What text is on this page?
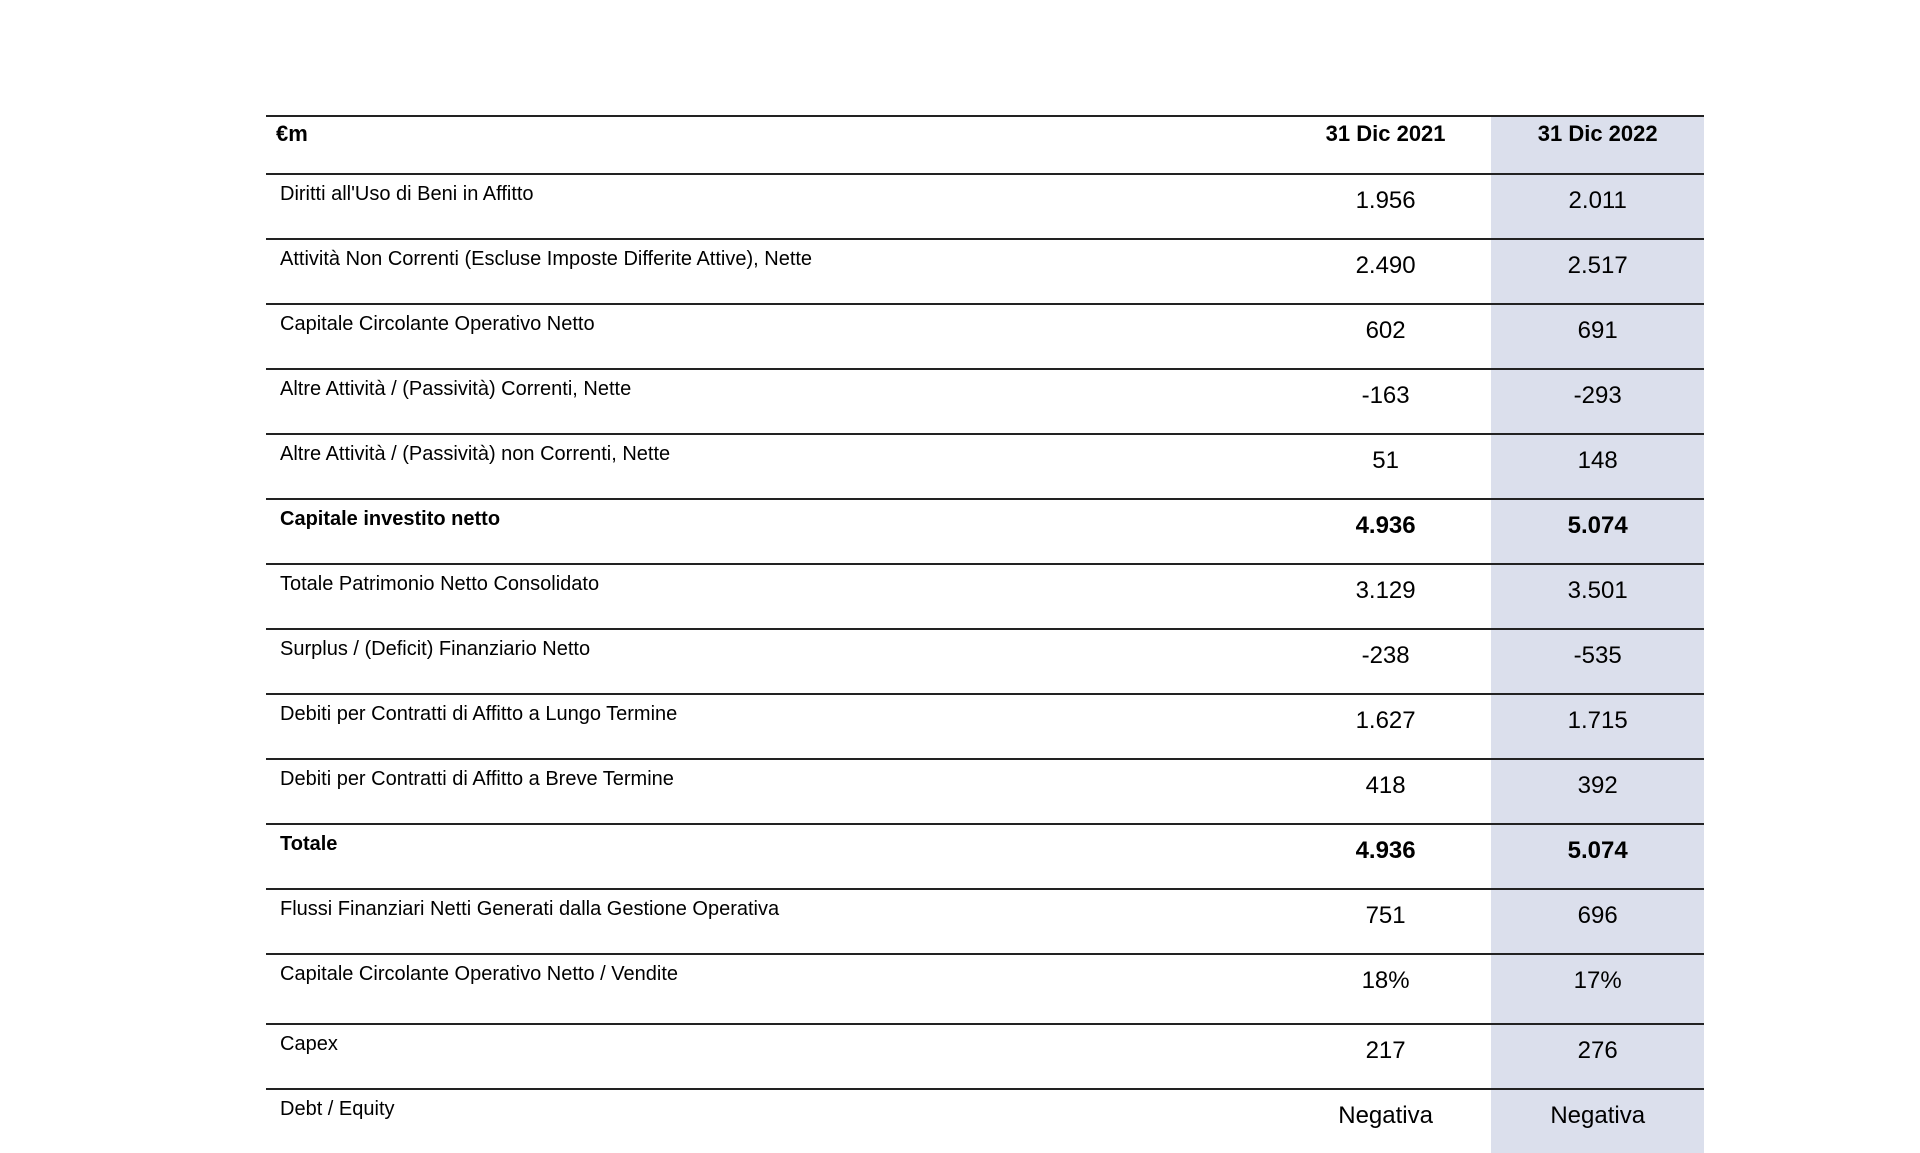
€m	31 Dic 2021	31 Dic 2022
Diritti all'Uso di Beni in Affitto	1.956	2.011
Attività Non Correnti (Escluse Imposte Differite Attive), Nette	2.490	2.517
Capitale Circolante Operativo Netto	602	691
Altre Attività / (Passività) Correnti, Nette	-163	-293
Altre Attività / (Passività) non Correnti, Nette	51	148
Capitale investito netto	4.936	5.074
Totale Patrimonio Netto Consolidato	3.129	3.501
Surplus / (Deficit) Finanziario Netto	-238	-535
Debiti per Contratti di Affitto a Lungo Termine	1.627	1.715
Debiti per Contratti di Affitto a Breve Termine	418	392
Totale	4.936	5.074
Flussi Finanziari Netti Generati dalla Gestione Operativa	751	696
Capitale Circolante Operativo Netto / Vendite	18%	17%
Capex	217	276
Debt / Equity	Negativa	Negativa
